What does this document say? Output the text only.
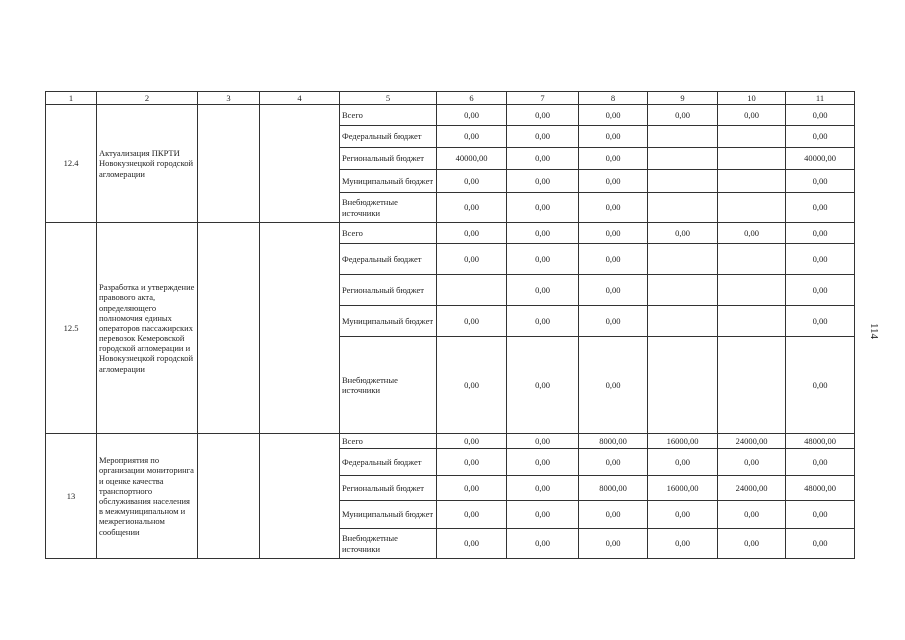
1	2	3	4	5	6	7	8	9	10	11
12.4	Актуализация ПКРТИ Новокузнецкой городской агломерации			Всего	0,00	0,00	0,00	0,00	0,00	0,00
				Федеральный бюджет	0,00	0,00	0,00			0,00
				Региональный бюджет	40000,00	0,00	0,00			40000,00
				Муниципальный бюджет	0,00	0,00	0,00			0,00
				Внебюджетные источники	0,00	0,00	0,00			0,00
12.5	Разработка и утверждение правового акта, определяющего полномочия единых операторов пассажирских перевозок Кемеровской городской агломерации и Новокузнецкой городской агломерации			Всего	0,00	0,00	0,00	0,00	0,00	0,00
				Федеральный бюджет	0,00	0,00	0,00			0,00
				Региональный бюджет		0,00	0,00			0,00
				Муниципальный бюджет	0,00	0,00	0,00			0,00
				Внебюджетные источники	0,00	0,00	0,00			0,00
13	Мероприятия по организации мониторинга и оценке качества транспортного обслуживания населения в межмуниципальном и межрегиональном сообщении			Всего	0,00	0,00	8000,00	16000,00	24000,00	48000,00
				Федеральный бюджет	0,00	0,00	0,00	0,00	0,00	0,00
				Региональный бюджет	0,00	0,00	8000,00	16000,00	24000,00	48000,00
				Муниципальный бюджет	0,00	0,00	0,00	0,00	0,00	0,00
				Внебюджетные источники	0,00	0,00	0,00	0,00	0,00	0,00
114
